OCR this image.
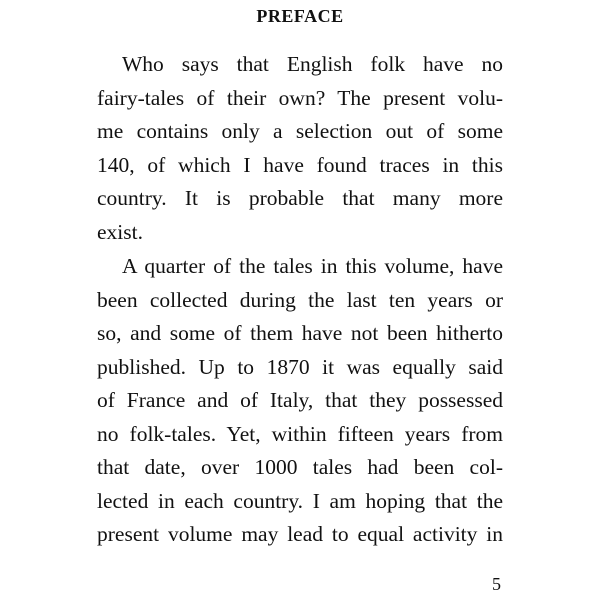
PREFACE
Who says that English folk have no
fairy-tales of their own? The present volu-
me contains only a selection out of some
140, of which I have found traces in this
country. It is probable that many more
exist.
A quarter of the tales in this volume, have
been collected during the last ten years or
so, and some of them have not been hitherto
published. Up to 1870 it was equally said
of France and of Italy, that they possessed
no folk-tales. Yet, within fifteen years from
that date, over 1000 tales had been col-
lected in each country. I am hoping that the
present volume may lead to equal activity in
5
